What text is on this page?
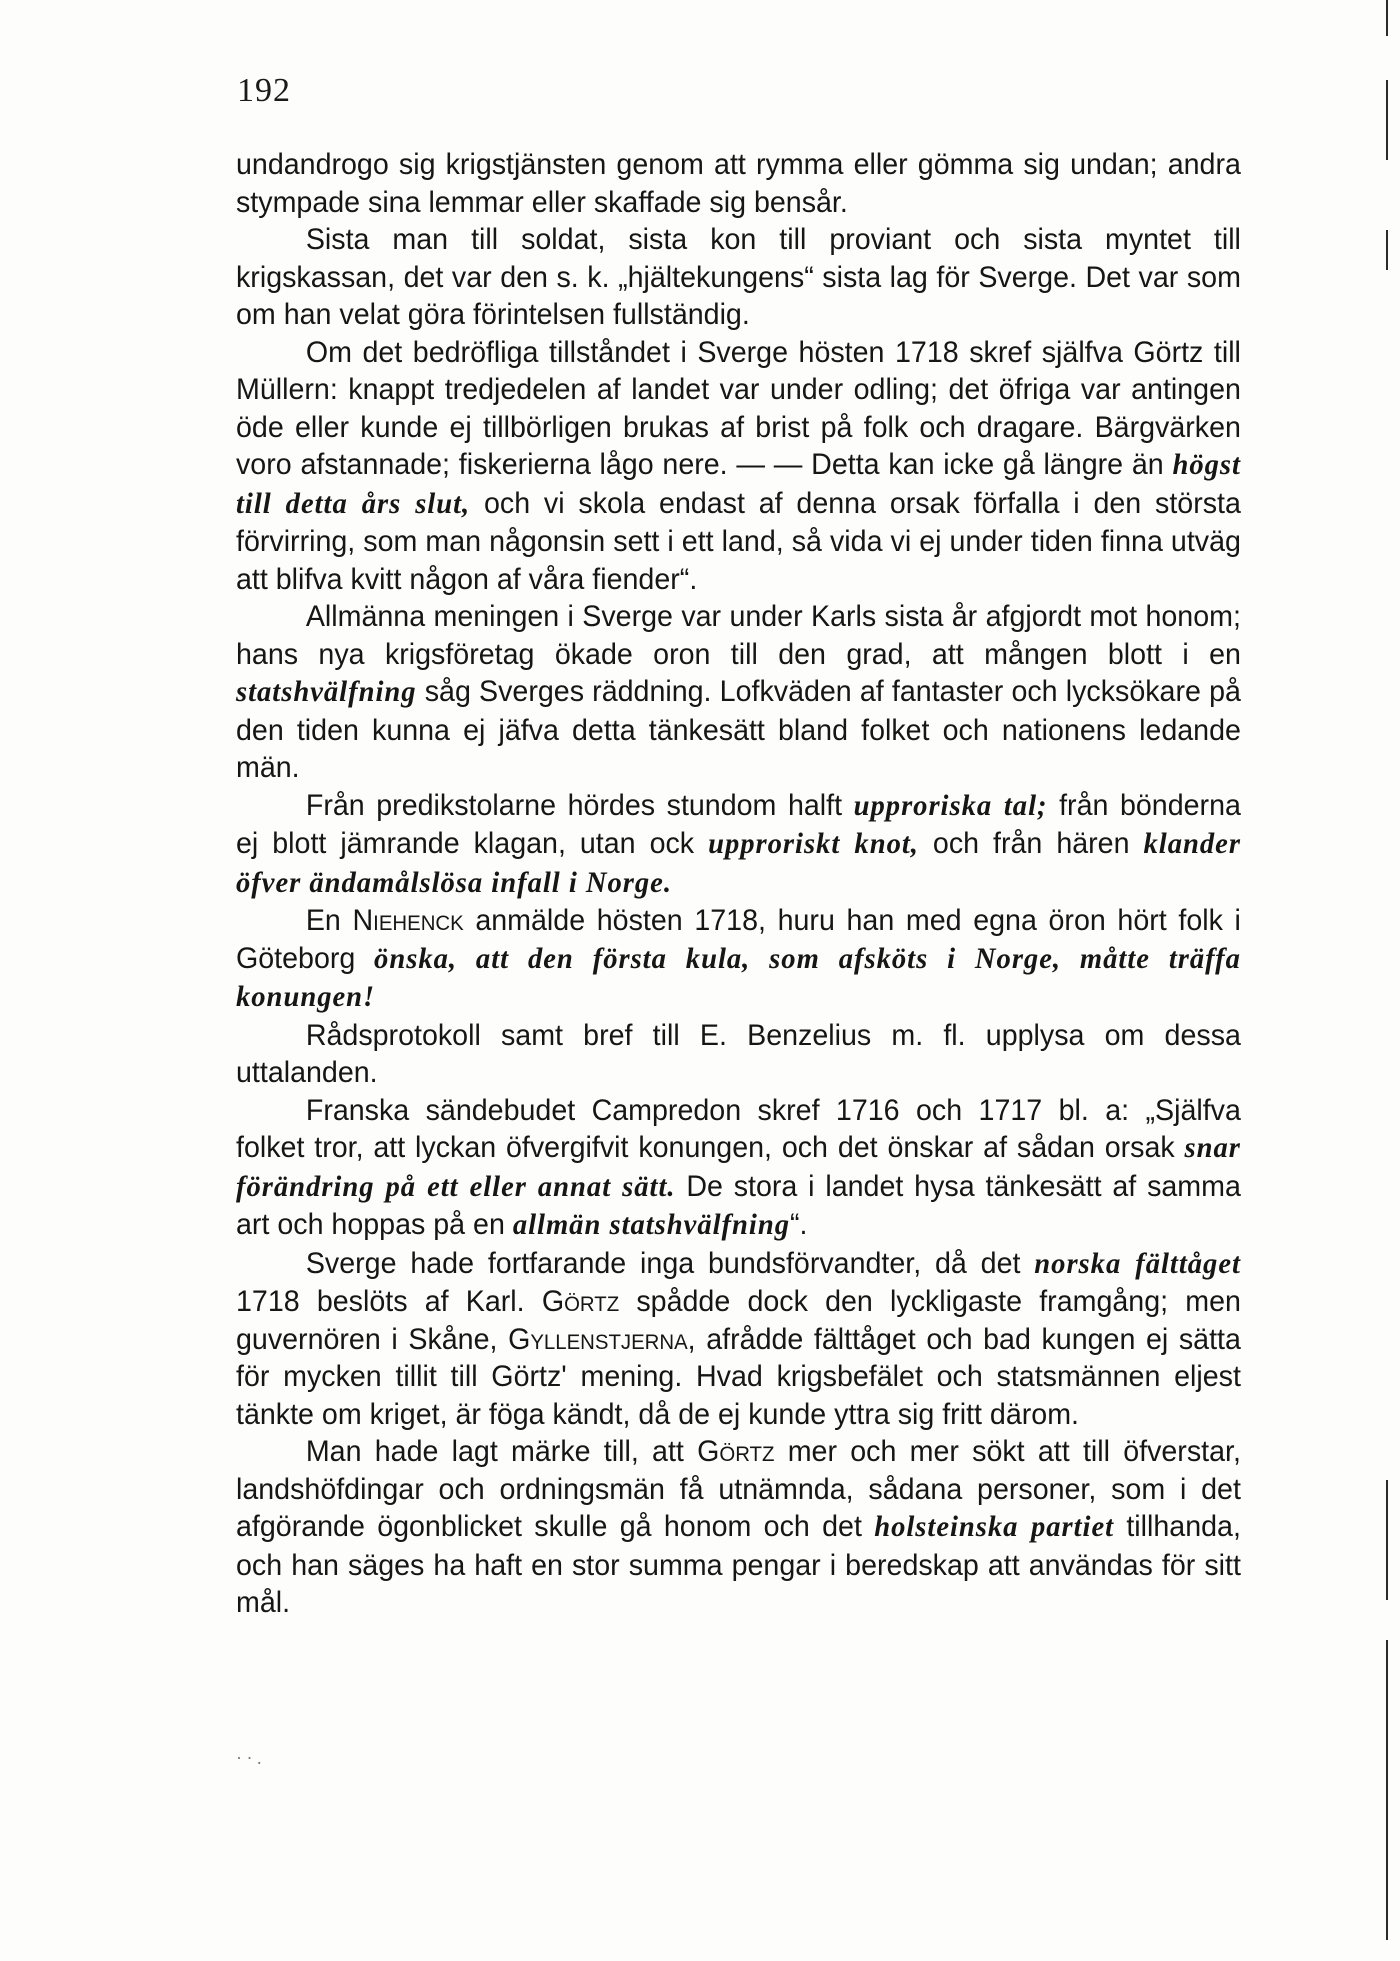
192

undandrogo sig krigstjänsten genom att rymma eller gömma sig undan; andra stympade sina lemmar eller skaffade sig bensår.

Sista man till soldat, sista kon till proviant och sista myntet till krigskassan, det var den s. k. „hjältekungens“ sista lag för Sverge. Det var som om han velat göra förintelsen fullständig.

Om det bedröfliga tillståndet i Sverge hösten 1718 skref själfva Görtz till Müllern: knappt tredjedelen af landet var under odling; det öfriga var antingen öde eller kunde ej tillbörligen brukas af brist på folk och dragare. Bärgvärken voro afstannade; fiskerierna lågo nere. — — Detta kan icke gå längre än högst till detta års slut, och vi skola endast af denna orsak förfalla i den största förvirring, som man någonsin sett i ett land, så vida vi ej under tiden finna utväg att blifva kvitt någon af våra fiender“.

Allmänna meningen i Sverge var under Karls sista år afgjordt mot honom; hans nya krigsföretag ökade oron till den grad, att mången blott i en statshvälfning såg Sverges räddning. Lofkväden af fantaster och lycksökare på den tiden kunna ej jäfva detta tänkesätt bland folket och nationens ledande män.

Från predikstolarne hördes stundom halft upproriska tal; från bönderna ej blott jämrande klagan, utan ock upproriskt knot, och från hären klander öfver ändamålslösa infall i Norge.

En Niehenck anmälde hösten 1718, huru han med egna öron hört folk i Göteborg önska, att den första kula, som afsköts i Norge, måtte träffa konungen!

Rådsprotokoll samt bref till E. Benzelius m. fl. upplysa om dessa uttalanden.

Franska sändebudet Campredon skref 1716 och 1717 bl. a: „Själfva folket tror, att lyckan öfvergifvit konungen, och det önskar af sådan orsak snar förändring på ett eller annat sätt. De stora i landet hysa tänkesätt af samma art och hoppas på en allmän statshvälfning“.

Sverge hade fortfarande inga bundsförvandter, då det norska fälttåget 1718 beslöts af Karl. Görtz spådde dock den lyckligaste framgång; men guvernören i Skåne, Gyllenstjerna, afrådde fälttåget och bad kungen ej sätta för mycken tillit till Görtz' mening. Hvad krigsbefälet och statsmännen eljest tänkte om kriget, är föga kändt, då de ej kunde yttra sig fritt därom.

Man hade lagt märke till, att Görtz mer och mer sökt att till öfverstar, landshöfdingar och ordningsmän få utnämnda, sådana personer, som i det afgörande ögonblicket skulle gå honom och det holsteinska partiet tillhanda, och han säges ha haft en stor summa pengar i beredskap att användas för sitt mål.

· · .
